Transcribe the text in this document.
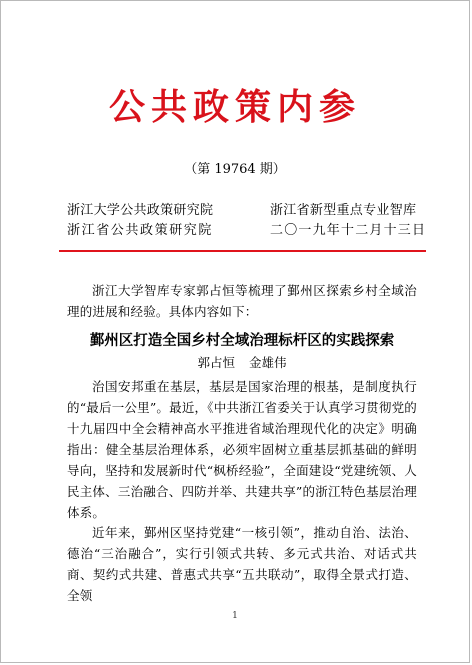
公共政策内参
（第 19764 期）
浙江大学公共政策研究院
浙江省公共政策研究院
浙江省新型重点专业智库
二〇一九年十二月十三日
浙江大学智库专家郭占恒等梳理了鄞州区探索乡村全域治理的进展和经验。具体内容如下：
鄞州区打造全国乡村全域治理标杆区的实践探索
郭占恒 金雄伟
治国安邦重在基层，基层是国家治理的根基，是制度执行的“最后一公里”。最近，《中共浙江省委关于认真学习贯彻党的十九届四中全会精神高水平推进省域治理现代化的决定》明确指出：健全基层治理体系，必须牢固树立重基层抓基础的鲜明导向，坚持和发展新时代“枫桥经验”，全面建设“党建统领、人民主体、三治融合、四防并举、共建共享”的浙江特色基层治理体系。
近年来，鄞州区坚持党建“一核引领”，推动自治、法治、德治“三治融合”，实行引领式共转、多元式共治、对话式共商、契约式共建、普惠式共享“五共联动”，取得全景式打造、全领
1
